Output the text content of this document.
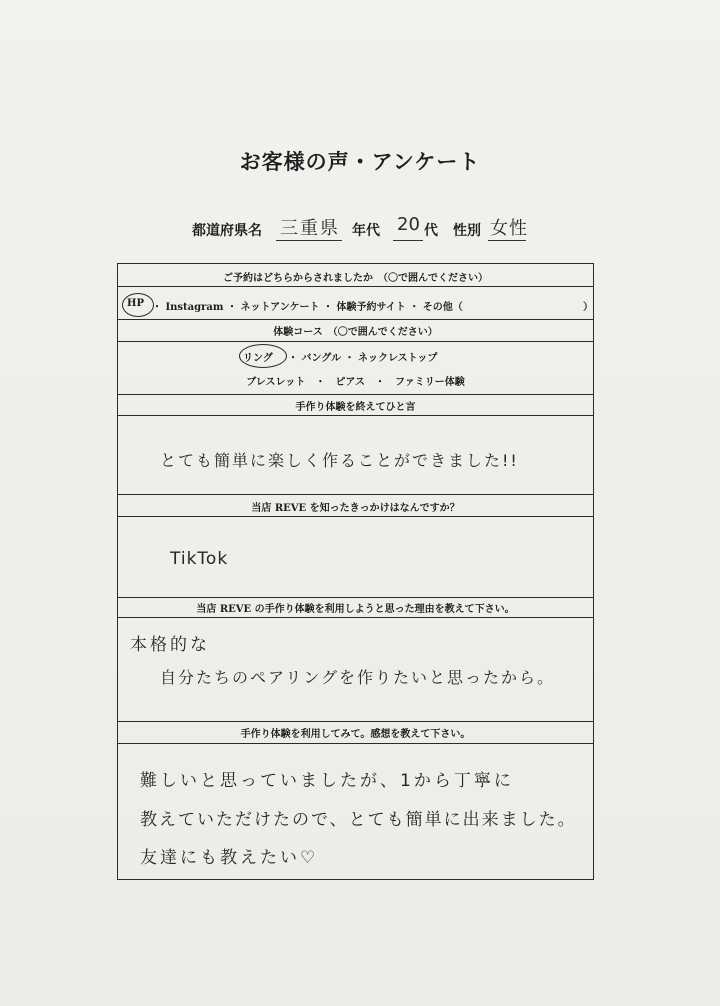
お客様の声・アンケート
都道府県名 三重県 年代 20 代 性別 女性
ご予約はどちらからされましたか　（〇で囲んでください）
HP ・ Instagram ・ ネットアンケート ・ 体験予約サイト ・ その他（	）
体験コース　（〇で囲んでください）
リング ・ バングル ・ ネックレストップ
ブレスレット　・　ピアス　・　ファミリー体験
手作り体験を終えてひと言
とても簡単に楽しく作ることができました!!
当店 REVE を知ったきっかけはなんですか？
TikTok
当店 REVE の手作り体験を利用しようと思った理由を教えて下さい。
本格的な
自分たちのペアリングを作りたいと思ったから。
手作り体験を利用してみて。感想を教えて下さい。
難しいと思っていましたが、1から丁寧に
教えていただけたので、とても簡単に出来ました。
友達にも教えたい♡
